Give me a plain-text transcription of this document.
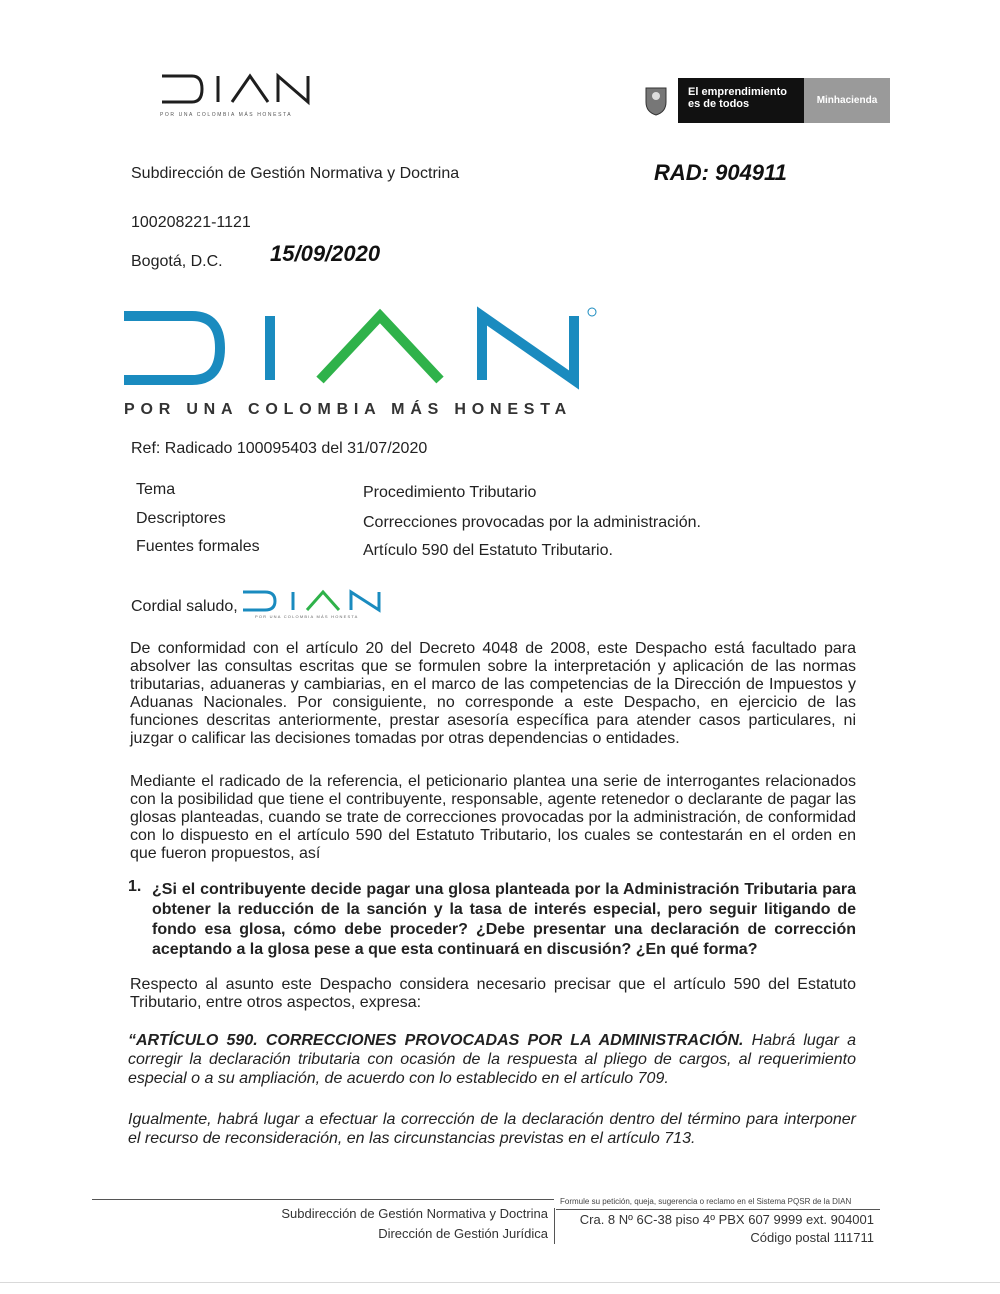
POR UNA COLOMBIA MÁS HONESTA
El emprendimiento
es de todos	Minhacienda
Subdirección de Gestión Normativa y Doctrina	RAD: 904911
100208221-1121
Bogotá, D.C. 15/09/2020
POR UNA COLOMBIA MÁS HONESTA
Ref: Radicado 100095403 del 31/07/2020
Tema	Procedimiento Tributario
Descriptores	Correcciones provocadas por la administración.
Fuentes formales	Artículo 590 del Estatuto Tributario.
Cordial saludo,
POR UNA COLOMBIA MÁS HONESTA
De conformidad con el artículo 20 del Decreto 4048 de 2008, este Despacho está facultado para absolver las consultas escritas que se formulen sobre la interpretación y aplicación de las normas tributarias, aduaneras y cambiarias, en el marco de las competencias de la Dirección de Impuestos y Aduanas Nacionales. Por consiguiente, no corresponde a este Despacho, en ejercicio de las funciones descritas anteriormente, prestar asesoría específica para atender casos particulares, ni juzgar o calificar las decisiones tomadas por otras dependencias o entidades.
Mediante el radicado de la referencia, el peticionario plantea una serie de interrogantes relacionados con la posibilidad que tiene el contribuyente, responsable, agente retenedor o declarante de pagar las glosas planteadas, cuando se trate de correcciones provocadas por la administración, de conformidad con lo dispuesto en el artículo 590 del Estatuto Tributario, los cuales se contestarán en el orden en que fueron propuestos, así
1. ¿Si el contribuyente decide pagar una glosa planteada por la Administración Tributaria para obtener la reducción de la sanción y la tasa de interés especial, pero seguir litigando de fondo esa glosa, cómo debe proceder? ¿Debe presentar una declaración de corrección aceptando a la glosa pese a que esta continuará en discusión? ¿En qué forma?
Respecto al asunto este Despacho considera necesario precisar que el artículo 590 del Estatuto Tributario, entre otros aspectos, expresa:
“ARTÍCULO 590. CORRECCIONES PROVOCADAS POR LA ADMINISTRACIÓN. Habrá lugar a corregir la declaración tributaria con ocasión de la respuesta al pliego de cargos, al requerimiento especial o a su ampliación, de acuerdo con lo establecido en el artículo 709.
Igualmente, habrá lugar a efectuar la corrección de la declaración dentro del término para interponer el recurso de reconsideración, en las circunstancias previstas en el artículo 713.
Formule su petición, queja, sugerencia o reclamo en el Sistema PQSR de la DIAN
Subdirección de Gestión Normativa y Doctrina
Dirección de Gestión Jurídica
Cra. 8 Nº 6C-38 piso 4º PBX 607 9999 ext. 904001
Código postal 111711
